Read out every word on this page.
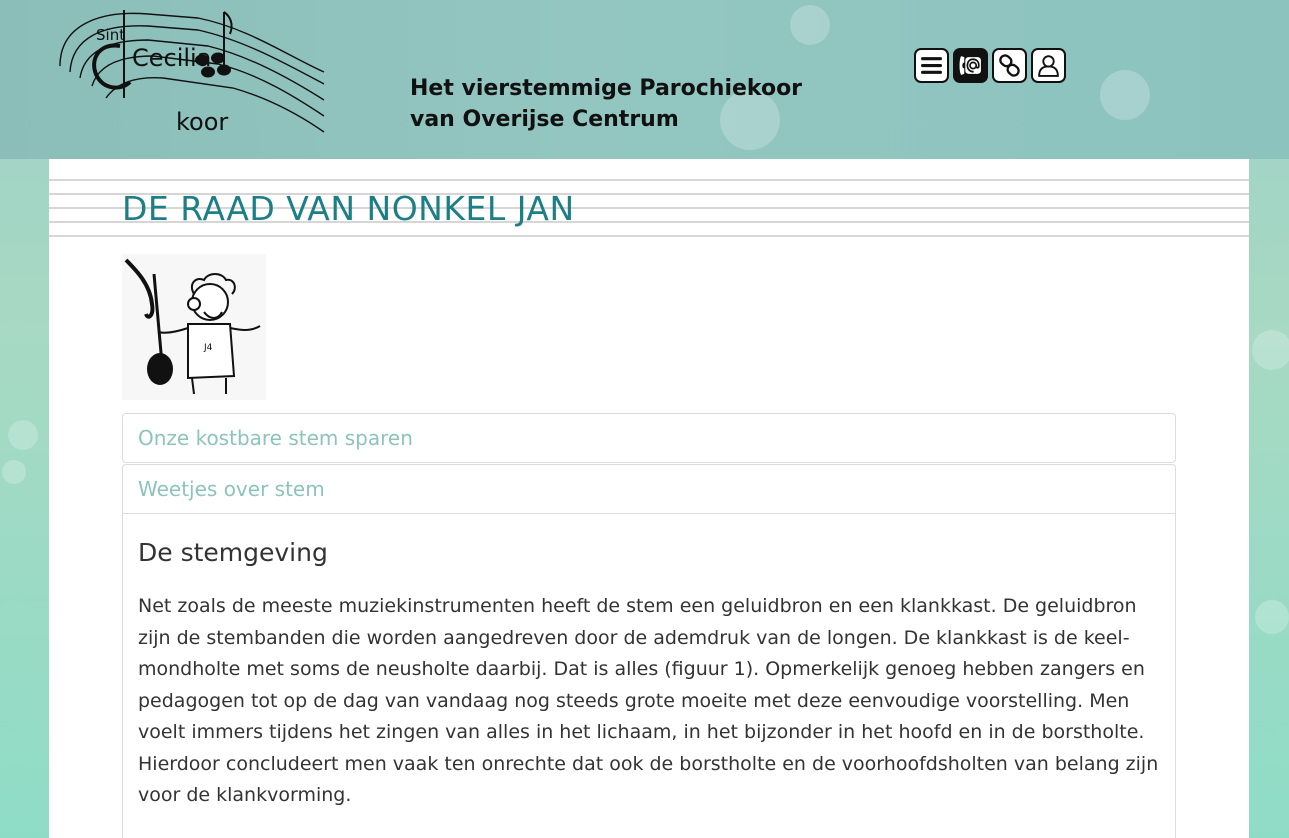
Sint
Cecilia
koor
Het vierstemmige Parochiekoor
van Overijse Centrum
DE RAAD VAN NONKEL JAN
J4
Onze kostbare stem sparen
Weetjes over stem
De stemgeving

Net zoals de meeste muziekinstrumenten heeft de stem een geluidbron en een klankkast. De geluidbron zijn de stembanden die worden aangedreven door de ademdruk van de longen. De klankkast is de keel-mondholte met soms de neusholte daarbij. Dat is alles (figuur 1). Opmerkelijk genoeg hebben zangers en pedagogen tot op de dag van vandaag nog steeds grote moeite met deze eenvoudige voorstelling. Men voelt immers tijdens het zingen van alles in het lichaam, in het bijzonder in het hoofd en in de borstholte. Hierdoor concludeert men vaak ten onrechte dat ook de borstholte en de voorhoofdsholten van belang zijn voor de klankvorming.
